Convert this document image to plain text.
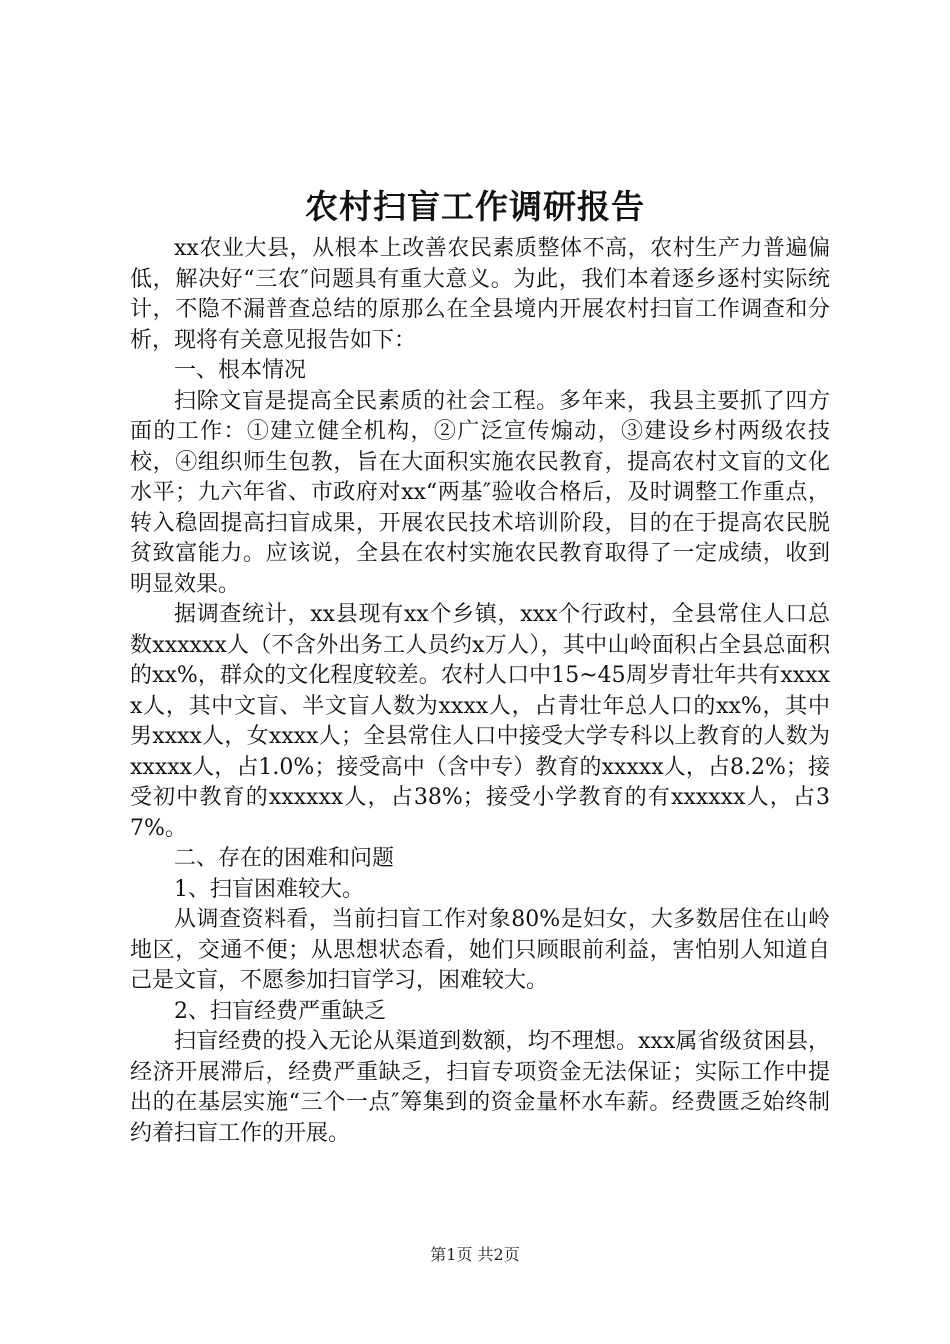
农村扫盲工作调研报告

xx农业大县，从根本上改善农民素质整体不高，农村生产力普遍偏低，解决好“三农″问题具有重大意义。为此，我们本着逐乡逐村实际统计，不隐不漏普查总结的原那么在全县境内开展农村扫盲工作调查和分析，现将有关意见报告如下：

一、根本情况

扫除文盲是提高全民素质的社会工程。多年来，我县主要抓了四方面的工作：①建立健全机构，②广泛宣传煽动，③建设乡村两级农技校，④组织师生包教，旨在大面积实施农民教育，提高农村文盲的文化水平；九六年省、市政府对xx“两基″验收合格后，及时调整工作重点，转入稳固提高扫盲成果，开展农民技术培训阶段，目的在于提高农民脱贫致富能力。应该说，全县在农村实施农民教育取得了一定成绩，收到明显效果。

据调查统计，xx县现有xx个乡镇，xxx个行政村，全县常住人口总数xxxxxx人（不含外出务工人员约x万人），其中山岭面积占全县总面积的xx%，群众的文化程度较差。农村人口中15~45周岁青壮年共有xxxxx人，其中文盲、半文盲人数为xxxx人，占青壮年总人口的xx%，其中男xxxx人，女xxxx人；全县常住人口中接受大学专科以上教育的人数为xxxxx人，占1.0%；接受高中（含中专）教育的xxxxx人，占8.2%；接受初中教育的xxxxxx人，占38%；接受小学教育的有xxxxxx人，占37%。

二、存在的困难和问题

1、扫盲困难较大。

从调查资料看，当前扫盲工作对象80%是妇女，大多数居住在山岭地区，交通不便；从思想状态看，她们只顾眼前利益，害怕别人知道自己是文盲，不愿参加扫盲学习，困难较大。

2、扫盲经费严重缺乏

扫盲经费的投入无论从渠道到数额，均不理想。xxx属省级贫困县，经济开展滞后，经费严重缺乏，扫盲专项资金无法保证；实际工作中提出的在基层实施“三个一点″筹集到的资金量杯水车薪。经费匮乏始终制约着扫盲工作的开展。

第1页 共2页
